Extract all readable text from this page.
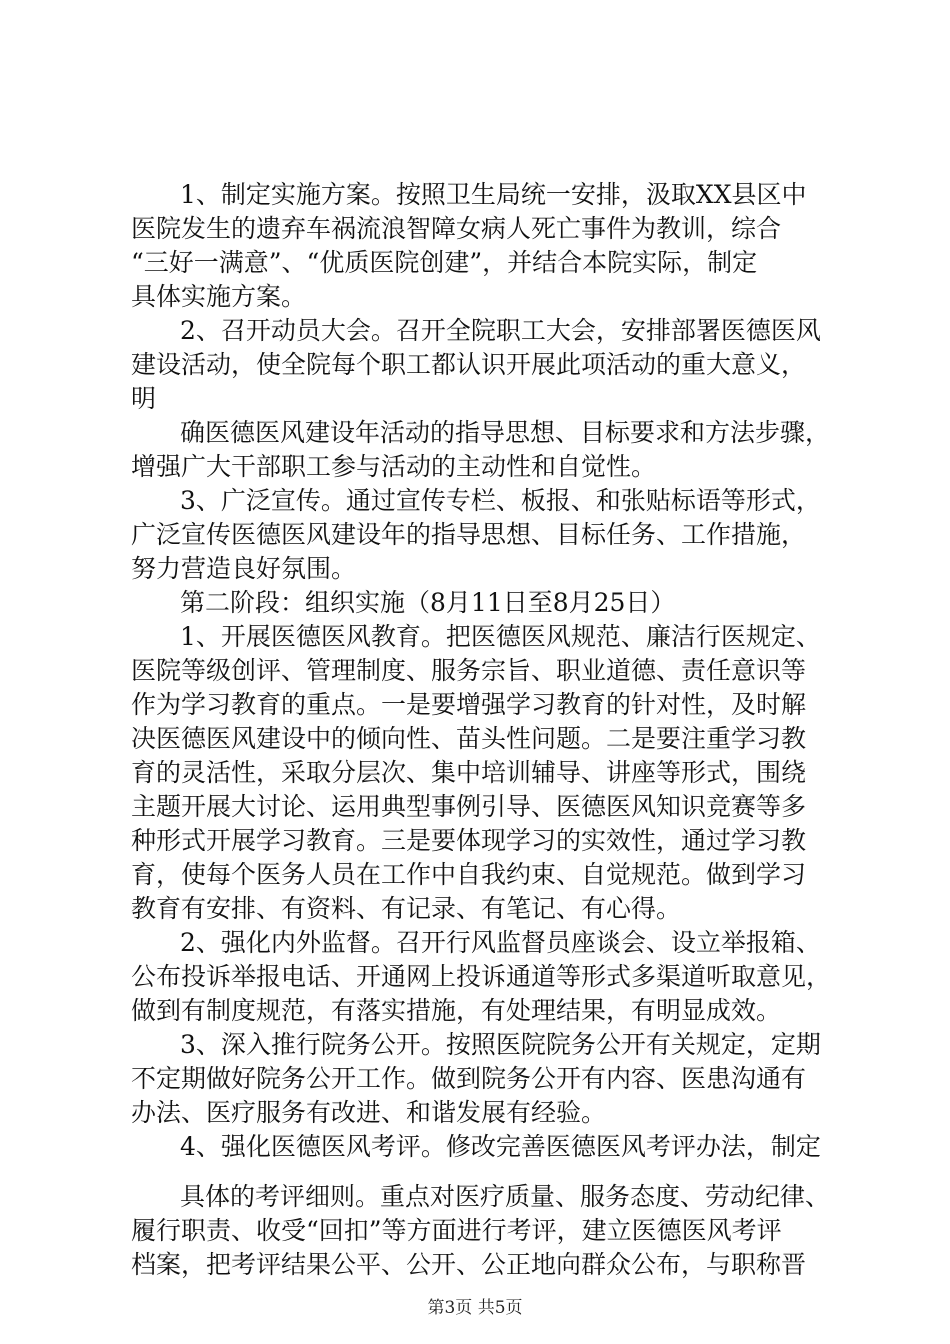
1、制定实施方案。按照卫生局统一安排，汲取XX县区中
医院发生的遗弃车祸流浪智障女病人死亡事件为教训，综合
“三好一满意”、“优质医院创建”，并结合本院实际，制定
具体实施方案。
2、召开动员大会。召开全院职工大会，安排部署医德医风
建设活动，使全院每个职工都认识开展此项活动的重大意义，
明
确医德医风建设年活动的指导思想、目标要求和方法步骤，
增强广大干部职工参与活动的主动性和自觉性。
3、广泛宣传。通过宣传专栏、板报、和张贴标语等形式，
广泛宣传医德医风建设年的指导思想、目标任务、工作措施，
努力营造良好氛围。
第二阶段：组织实施（8月11日至8月25日）
1、开展医德医风教育。把医德医风规范、廉洁行医规定、
医院等级创评、管理制度、服务宗旨、职业道德、责任意识等
作为学习教育的重点。一是要增强学习教育的针对性，及时解
决医德医风建设中的倾向性、苗头性问题。二是要注重学习教
育的灵活性，采取分层次、集中培训辅导、讲座等形式，围绕
主题开展大讨论、运用典型事例引导、医德医风知识竞赛等多
种形式开展学习教育。三是要体现学习的实效性，通过学习教
育，使每个医务人员在工作中自我约束、自觉规范。做到学习
教育有安排、有资料、有记录、有笔记、有心得。
2、强化内外监督。召开行风监督员座谈会、设立举报箱、
公布投诉举报电话、开通网上投诉通道等形式多渠道听取意见，
做到有制度规范，有落实措施，有处理结果，有明显成效。
3、深入推行院务公开。按照医院院务公开有关规定，定期
不定期做好院务公开工作。做到院务公开有内容、医患沟通有
办法、医疗服务有改进、和谐发展有经验。
4、强化医德医风考评。修改完善医德医风考评办法，制定
具体的考评细则。重点对医疗质量、服务态度、劳动纪律、
履行职责、收受“回扣”等方面进行考评，建立医德医风考评
档案，把考评结果公平、公开、公正地向群众公布，与职称晋
第3页 共5页
